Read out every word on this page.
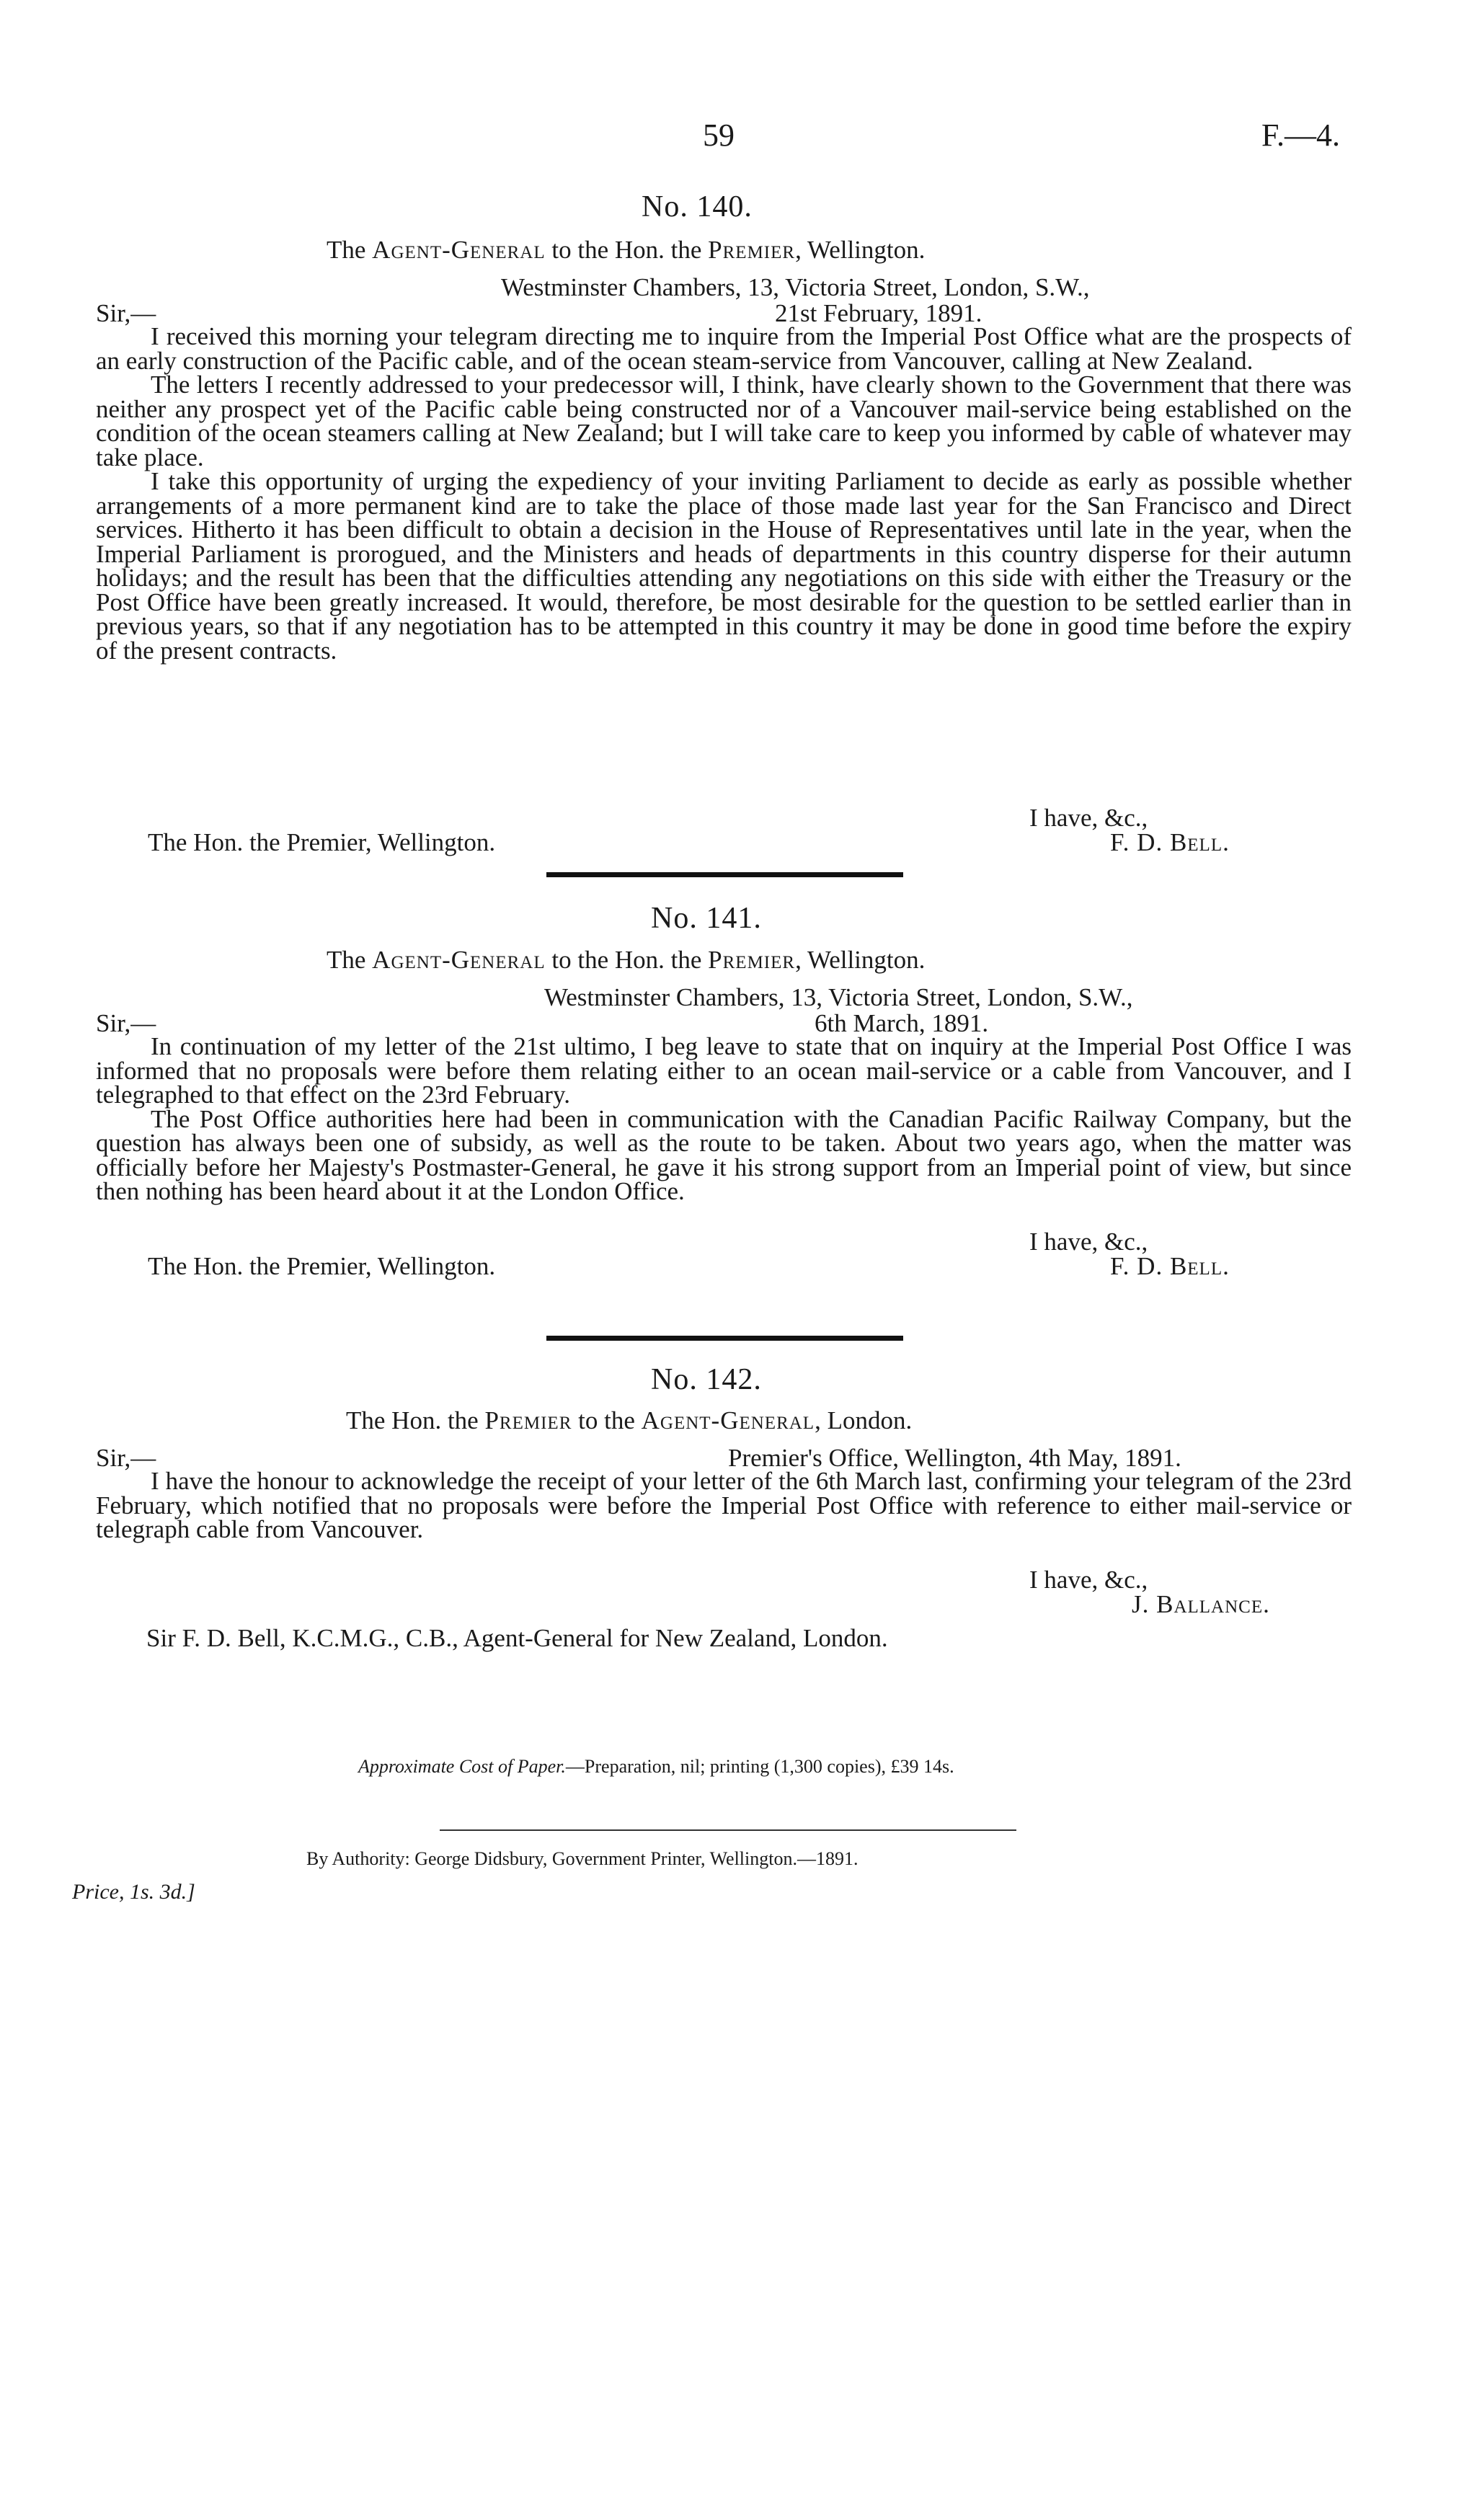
59	F.—4.
No. 140.
The Agent-General to the Hon. the Premier, Wellington.
Westminster Chambers, 13, Victoria Street, London, S.W.,
Sir,—	21st February, 1891.

I received this morning your telegram directing me to inquire from the Imperial Post Office what are the prospects of an early construction of the Pacific cable, and of the ocean steam-service from Vancouver, calling at New Zealand.

The letters I recently addressed to your predecessor will, I think, have clearly shown to the Government that there was neither any prospect yet of the Pacific cable being constructed nor of a Vancouver mail-service being established on the condition of the ocean steamers calling at New Zealand; but I will take care to keep you informed by cable of whatever may take place.

I take this opportunity of urging the expediency of your inviting Parliament to decide as early as possible whether arrangements of a more permanent kind are to take the place of those made last year for the San Francisco and Direct services. Hitherto it has been difficult to obtain a decision in the House of Representatives until late in the year, when the Imperial Parliament is prorogued, and the Ministers and heads of departments in this country disperse for their autumn holidays; and the result has been that the difficulties attending any negotiations on this side with either the Treasury or the Post Office have been greatly increased. It would, therefore, be most desirable for the question to be settled earlier than in previous years, so that if any negotiation has to be attempted in this country it may be done in good time before the expiry of the present contracts.

I have, &c.,
The Hon. the Premier, Wellington.	F. D. Bell.
No. 141.
The Agent-General to the Hon. the Premier, Wellington.
Westminster Chambers, 13, Victoria Street, London, S.W.,
Sir,—	6th March, 1891.

In continuation of my letter of the 21st ultimo, I beg leave to state that on inquiry at the Imperial Post Office I was informed that no proposals were before them relating either to an ocean mail-service or a cable from Vancouver, and I telegraphed to that effect on the 23rd February.

The Post Office authorities here had been in communication with the Canadian Pacific Railway Company, but the question has always been one of subsidy, as well as the route to be taken. About two years ago, when the matter was officially before her Majesty's Postmaster-General, he gave it his strong support from an Imperial point of view, but since then nothing has been heard about it at the London Office.

I have, &c.,
The Hon. the Premier, Wellington.	F. D. Bell.
No. 142.
The Hon. the Premier to the Agent-General, London.
Sir,—	Premier's Office, Wellington, 4th May, 1891.

I have the honour to acknowledge the receipt of your letter of the 6th March last, confirming your telegram of the 23rd February, which notified that no proposals were before the Imperial Post Office with reference to either mail-service or telegraph cable from Vancouver.

I have, &c.,
J. Ballance.
Sir F. D. Bell, K.C.M.G., C.B., Agent-General for New Zealand, London.
Approximate Cost of Paper.—Preparation, nil; printing (1,300 copies), £39 14s.
By Authority: George Didsbury, Government Printer, Wellington.—1891.
Price, 1s. 3d.]
